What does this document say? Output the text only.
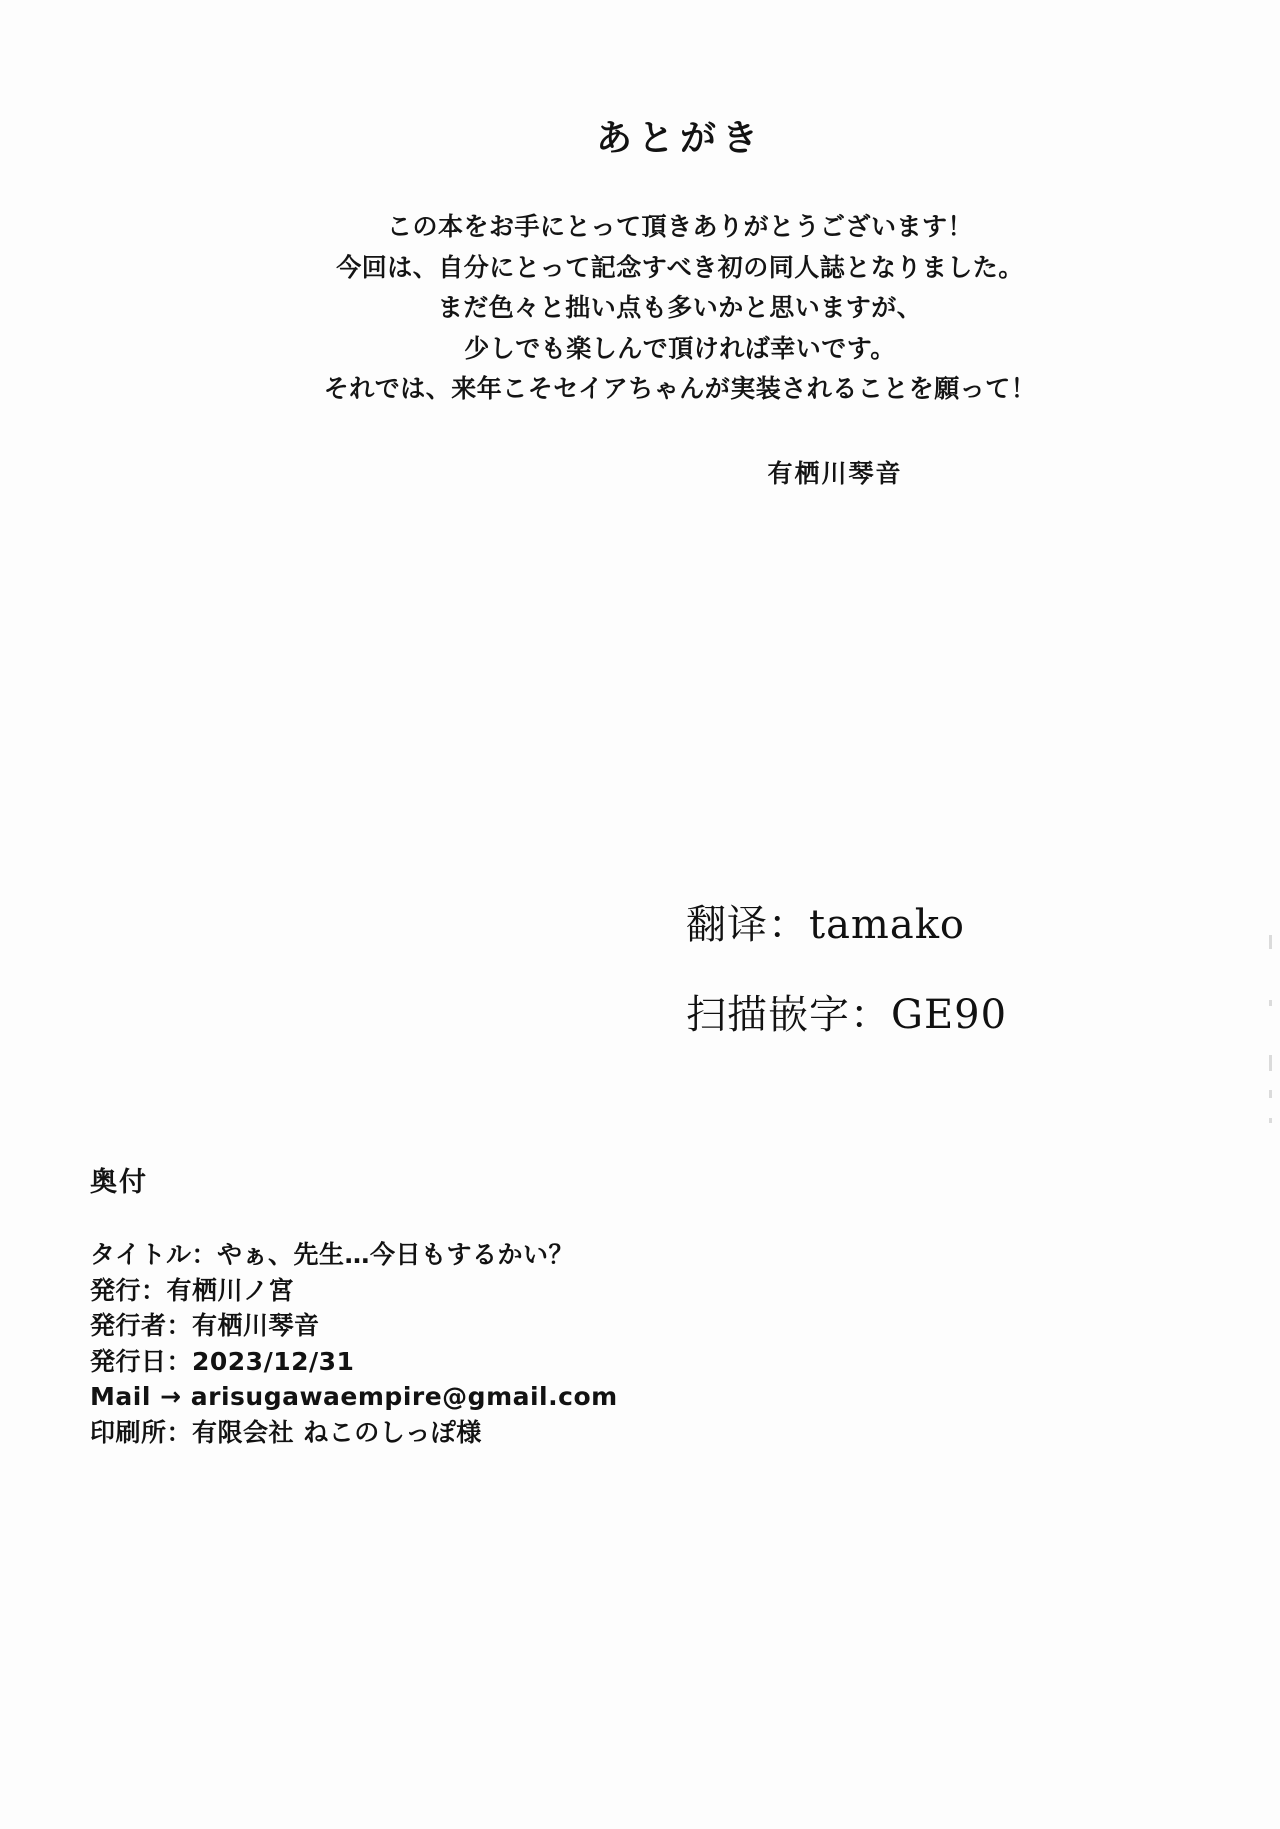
あとがき
この本をお手にとって頂きありがとうございます！
今回は、自分にとって記念すべき初の同人誌となりました。
まだ色々と拙い点も多いかと思いますが、
少しでも楽しんで頂ければ幸いです。
それでは、来年こそセイアちゃんが実装されることを願って！
有栖川琴音
翻译：tamako
扫描嵌字：GE90
奥付
タイトル：やぁ、先生…今日もするかい？
発行：有栖川ノ宮
発行者：有栖川琴音
発行日：2023/12/31
Mail → arisugawaempire@gmail.com
印刷所：有限会社 ねこのしっぽ様
